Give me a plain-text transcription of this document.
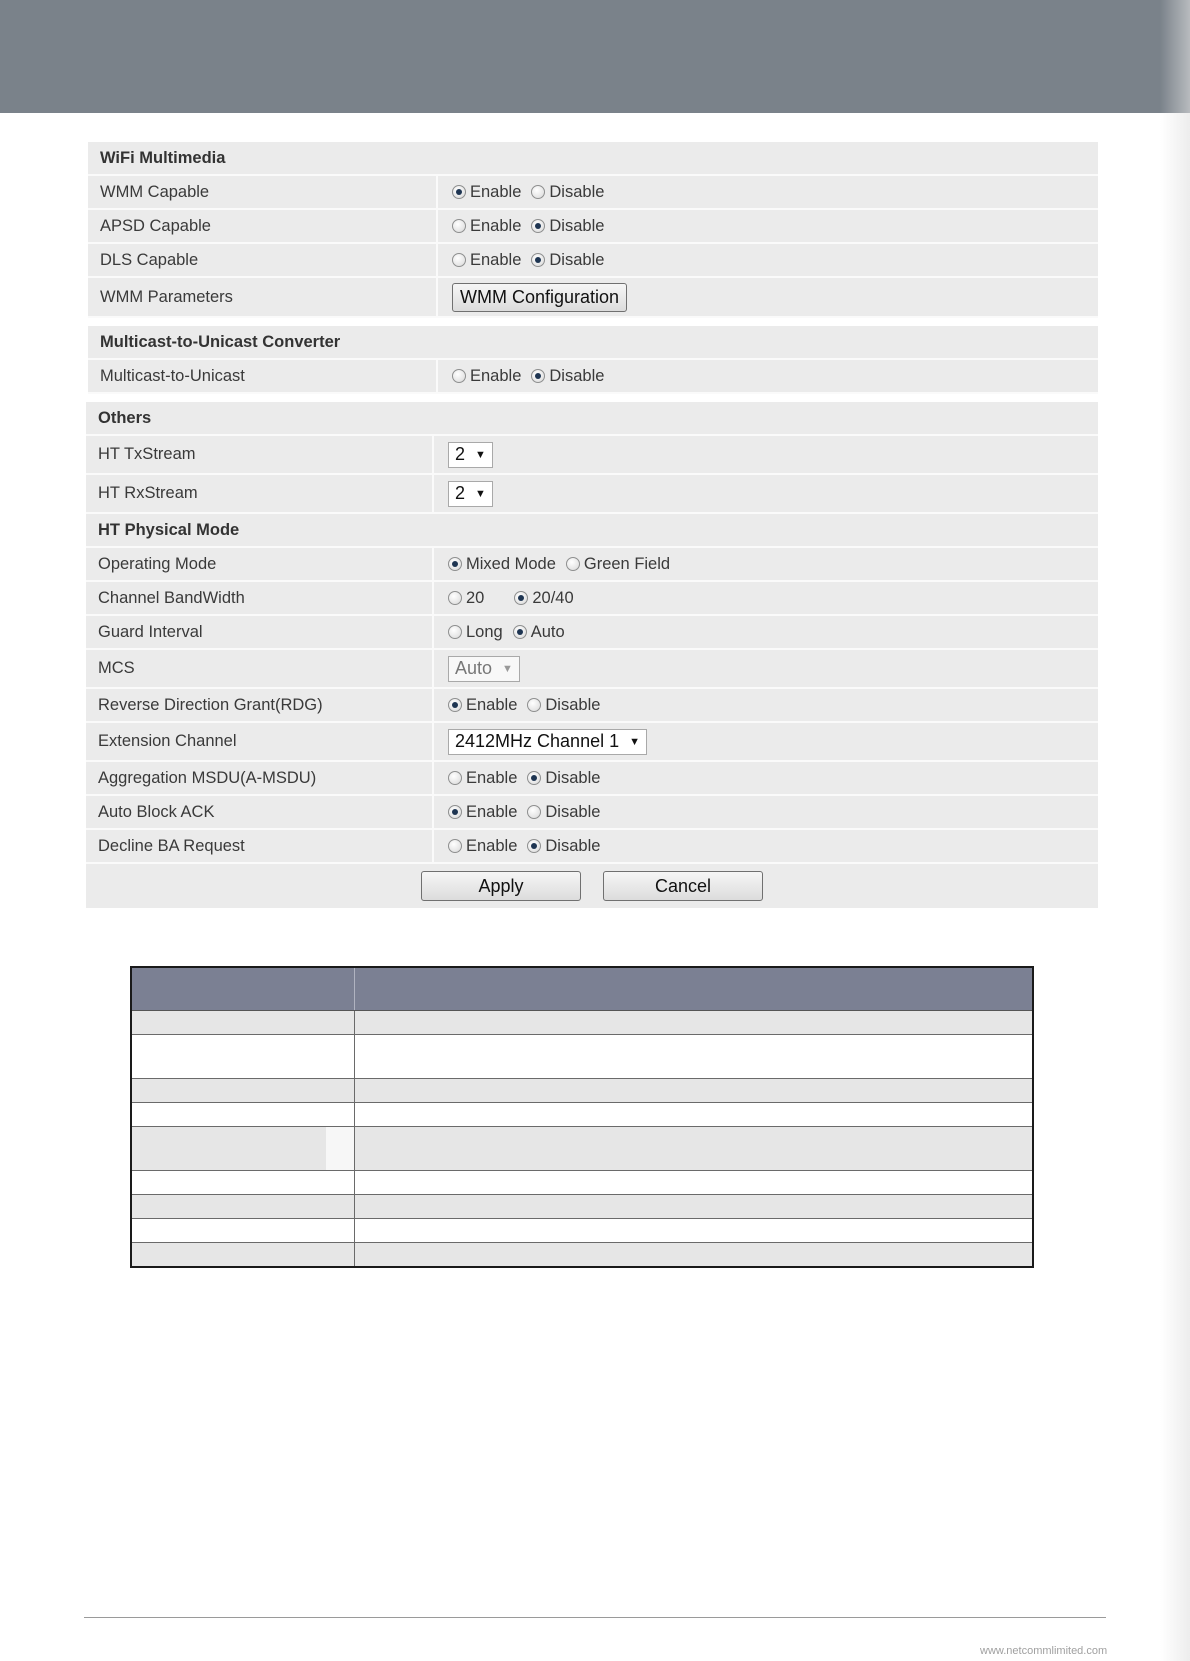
WiFi Multimedia
WMM Capable	Enable Disable
APSD Capable	Enable Disable
DLS Capable	Enable Disable
WMM Parameters	WMM Configuration
Multicast-to-Unicast Converter
Multicast-to-Unicast	Enable Disable
Others
HT TxStream	2 ▼
HT RxStream	2 ▼
HT Physical Mode
Operating Mode	Mixed Mode Green Field
Channel BandWidth	20	20/40
Guard Interval	Long Auto
MCS	Auto ▼
Reverse Direction Grant(RDG)	Enable Disable
Extension Channel	2412MHz Channel 1 ▼
Aggregation MSDU(A-MSDU)	Enable Disable
Auto Block ACK	Enable Disable
Decline BA Request	Enable Disable
Apply	Cancel
www.netcommlimited.com
